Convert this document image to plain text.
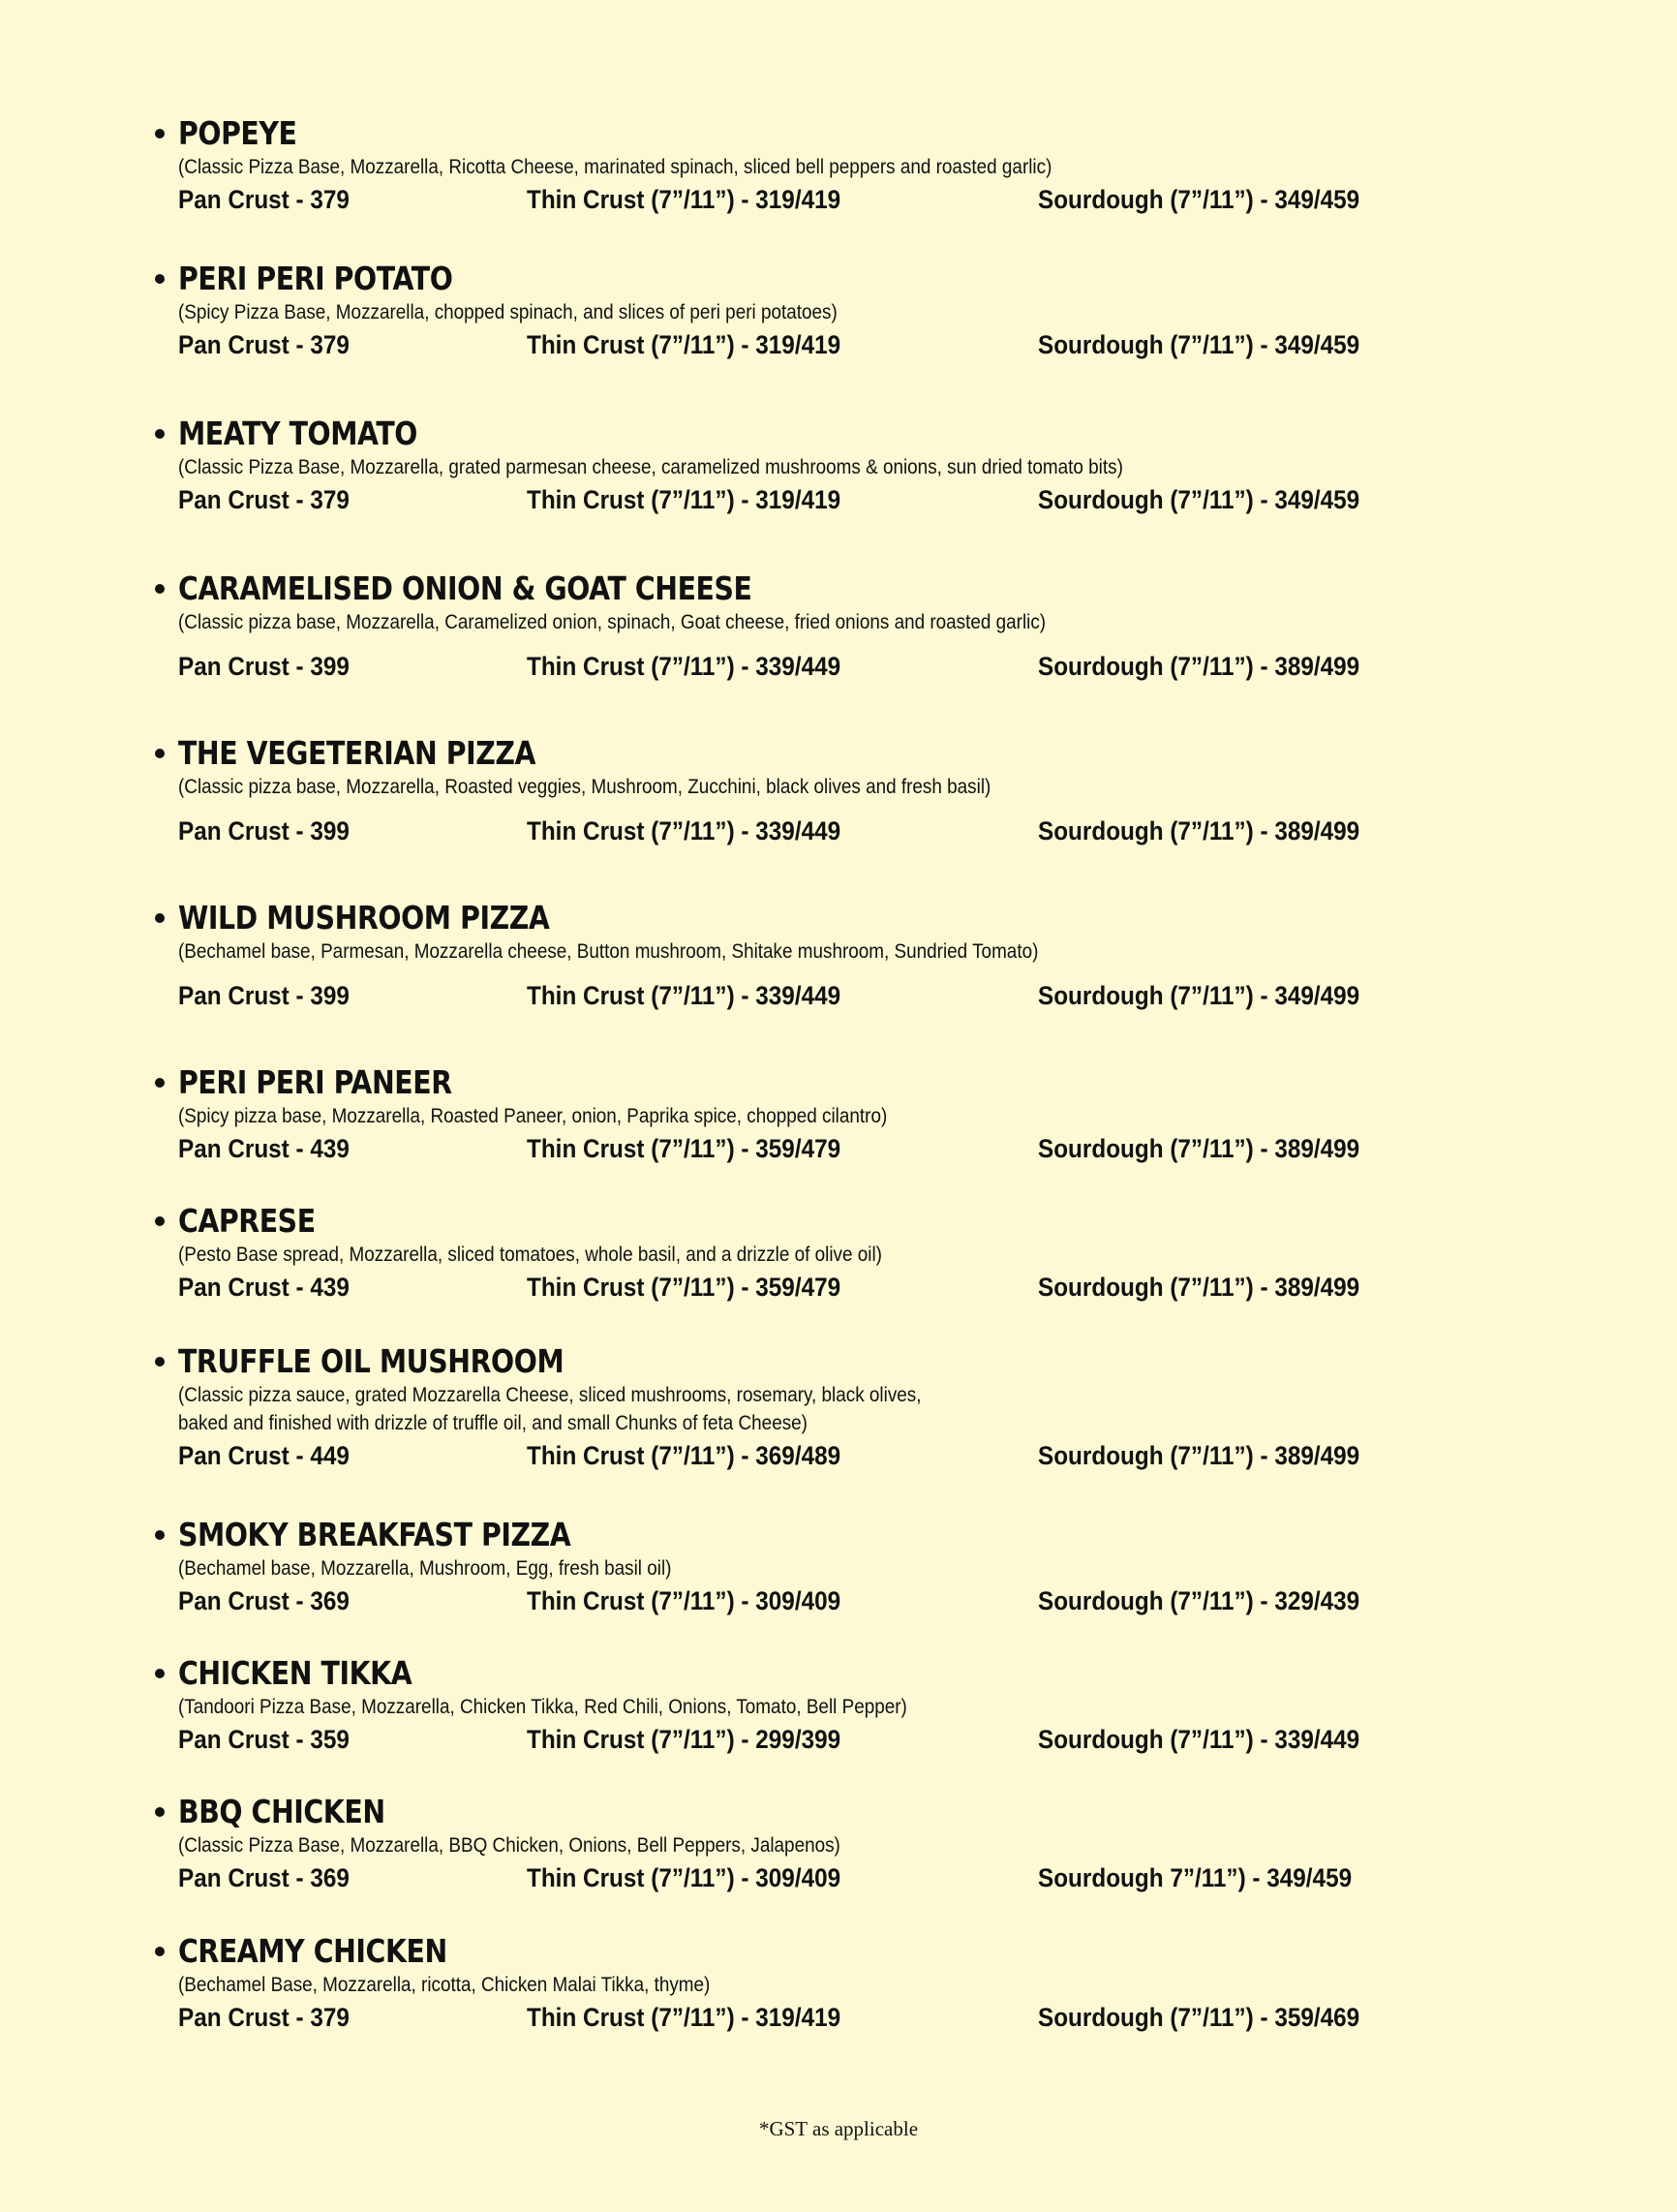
POPEYE
(Classic Pizza Base, Mozzarella, Ricotta Cheese, marinated spinach, sliced bell peppers and roasted garlic)
Pan Crust - 379	Thin Crust (7”/11”) - 319/419	Sourdough (7”/11”) - 349/459
PERI PERI POTATO
(Spicy Pizza Base, Mozzarella, chopped spinach, and slices of peri peri potatoes)
Pan Crust - 379	Thin Crust (7”/11”) - 319/419	Sourdough (7”/11”) - 349/459
MEATY TOMATO
(Classic Pizza Base, Mozzarella, grated parmesan cheese, caramelized mushrooms & onions, sun dried tomato bits)
Pan Crust - 379	Thin Crust (7”/11”) - 319/419	Sourdough (7”/11”) - 349/459
CARAMELISED ONION & GOAT CHEESE
(Classic pizza base, Mozzarella, Caramelized onion, spinach, Goat cheese, fried onions and roasted garlic)
Pan Crust - 399	Thin Crust (7”/11”) - 339/449	Sourdough (7”/11”) - 389/499
THE VEGETERIAN PIZZA
(Classic pizza base, Mozzarella, Roasted veggies, Mushroom, Zucchini, black olives and fresh basil)
Pan Crust - 399	Thin Crust (7”/11”) - 339/449	Sourdough (7”/11”) - 389/499
WILD MUSHROOM PIZZA
(Bechamel base, Parmesan, Mozzarella cheese, Button mushroom, Shitake mushroom, Sundried Tomato)
Pan Crust - 399	Thin Crust (7”/11”) - 339/449	Sourdough (7”/11”) - 349/499
PERI PERI PANEER
(Spicy pizza base, Mozzarella, Roasted Paneer, onion, Paprika spice, chopped cilantro)
Pan Crust - 439	Thin Crust (7”/11”) - 359/479	Sourdough (7”/11”) - 389/499
CAPRESE
(Pesto Base spread, Mozzarella, sliced tomatoes, whole basil, and a drizzle of olive oil)
Pan Crust - 439	Thin Crust (7”/11”) - 359/479	Sourdough (7”/11”) - 389/499
TRUFFLE OIL MUSHROOM
(Classic pizza sauce, grated Mozzarella Cheese, sliced mushrooms, rosemary, black olives,
baked and finished with drizzle of truffle oil, and small Chunks of feta Cheese)
Pan Crust - 449	Thin Crust (7”/11”) - 369/489	Sourdough (7”/11”) - 389/499
SMOKY BREAKFAST PIZZA
(Bechamel base, Mozzarella, Mushroom, Egg, fresh basil oil)
Pan Crust - 369	Thin Crust (7”/11”) - 309/409	Sourdough (7”/11”) - 329/439
CHICKEN TIKKA
(Tandoori Pizza Base, Mozzarella, Chicken Tikka, Red Chili, Onions, Tomato, Bell Pepper)
Pan Crust - 359	Thin Crust (7”/11”) - 299/399	Sourdough (7”/11”) - 339/449
BBQ CHICKEN
(Classic Pizza Base, Mozzarella, BBQ Chicken, Onions, Bell Peppers, Jalapenos)
Pan Crust - 369	Thin Crust (7”/11”) - 309/409	Sourdough 7”/11”) - 349/459
CREAMY CHICKEN
(Bechamel Base, Mozzarella, ricotta, Chicken Malai Tikka, thyme)
Pan Crust - 379	Thin Crust (7”/11”) - 319/419	Sourdough (7”/11”) - 359/469
*GST as applicable
